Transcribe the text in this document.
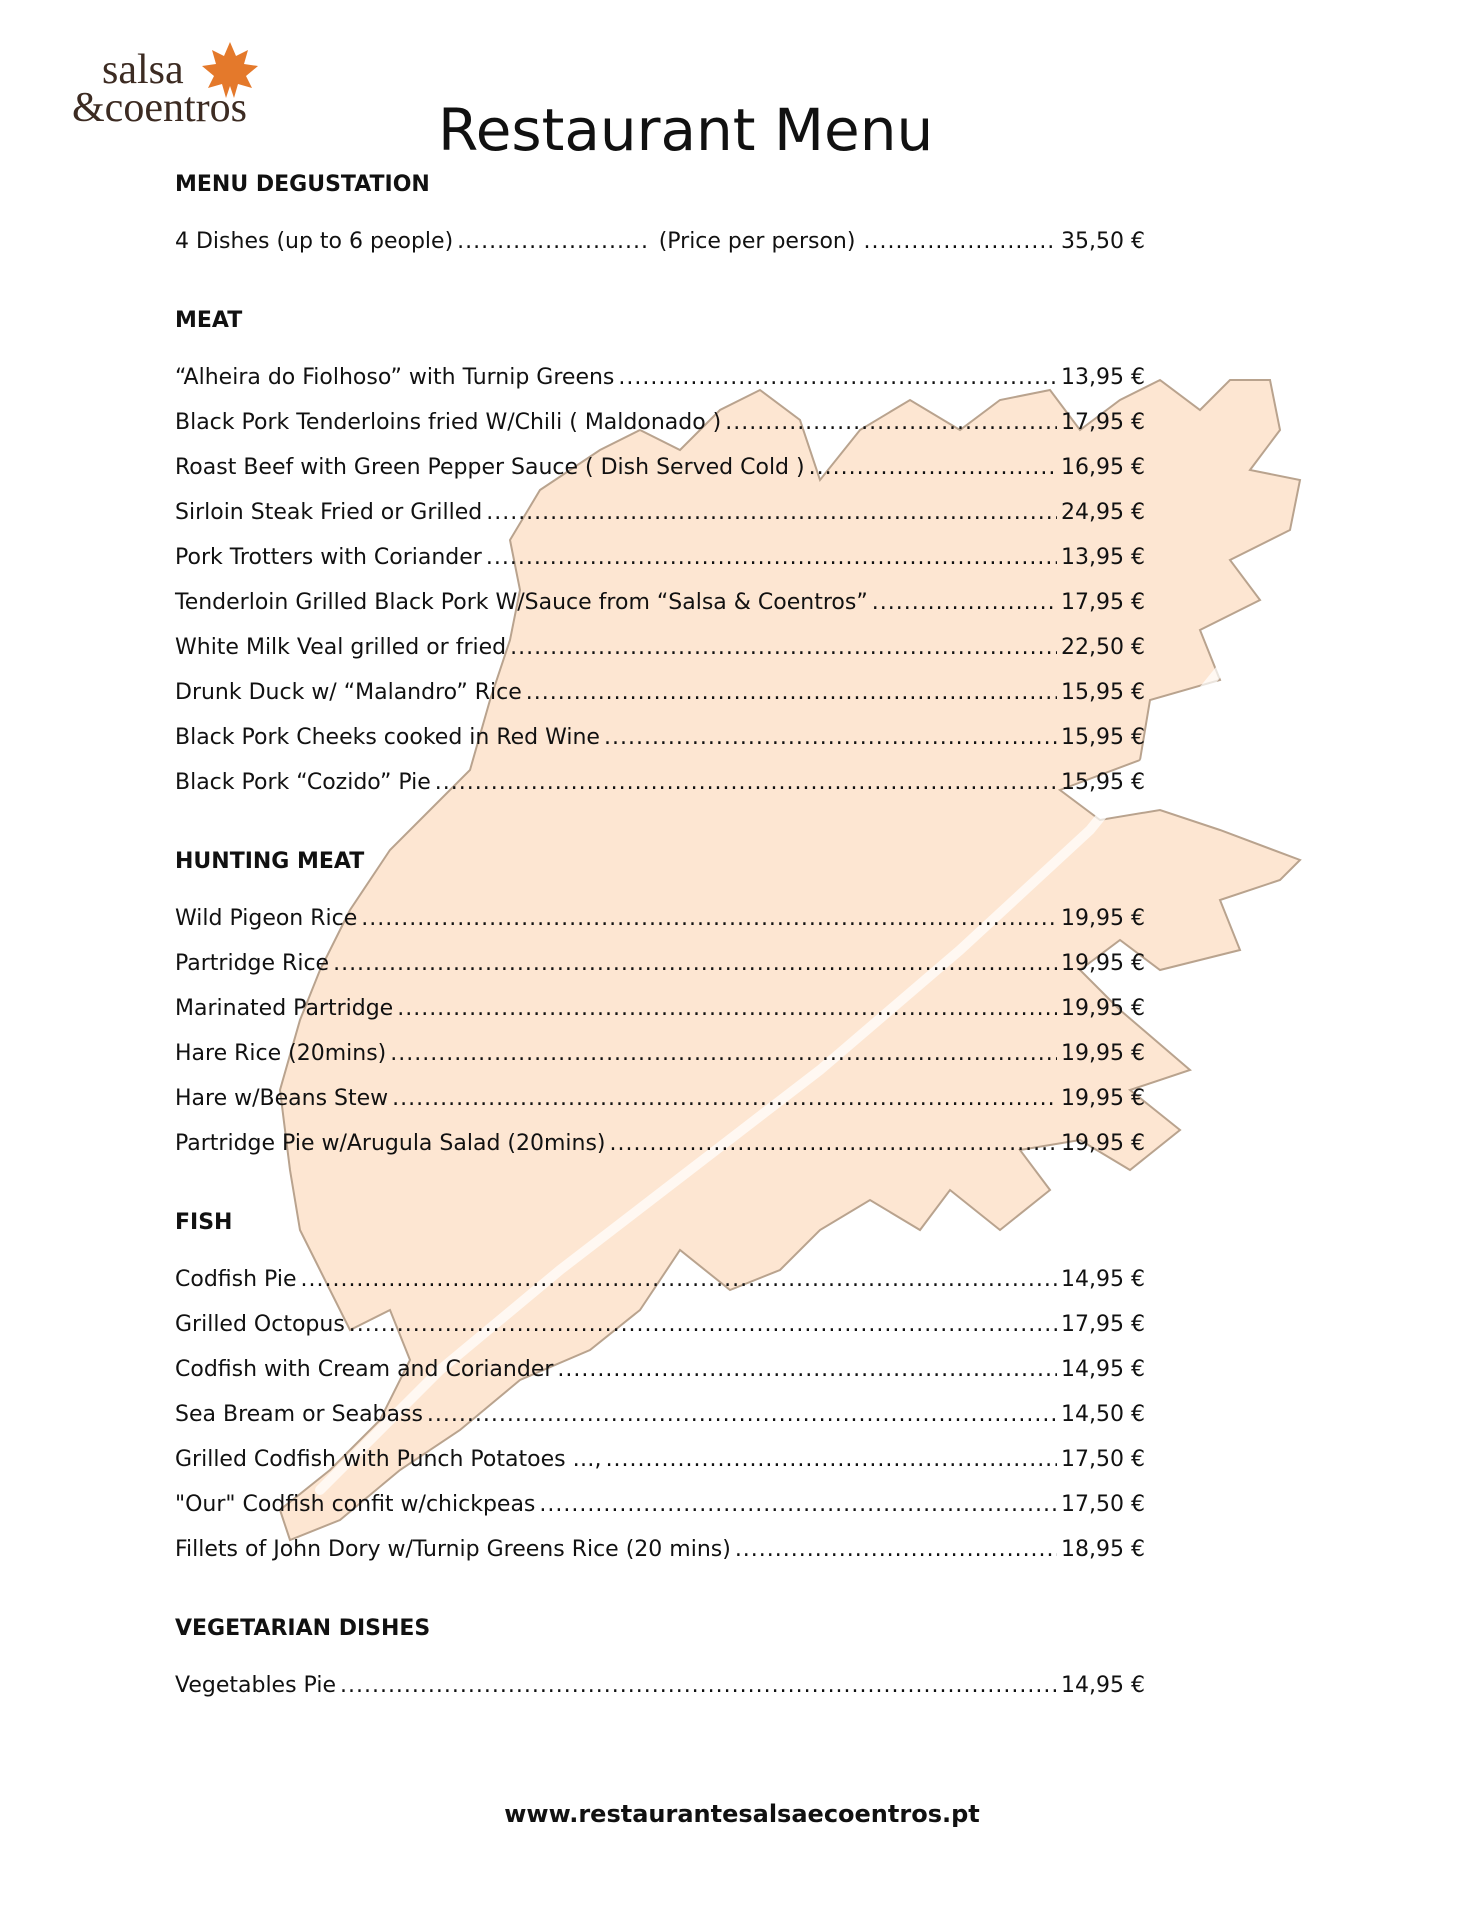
salsa
&coentros	Restaurant Menu
MENU DEGUSTATION
4 Dishes (up to 6 people) .....	(Price per person) .....	35,50 €
MEAT
“Alheira do Fiolhoso” with Turnip Greens .....	13,95 €
Black Pork Tenderloins fried W/Chili ( Maldonado ) .....	17,95 €
Roast Beef with Green Pepper Sauce ( Dish Served Cold ) .....	16,95 €
Sirloin Steak Fried or Grilled .....	24,95 €
Pork Trotters with Coriander .....	13,95 €
Tenderloin Grilled Black Pork W/Sauce from “Salsa & Coentros” .....	17,95 €
White Milk Veal grilled or fried .....	22,50 €
Drunk Duck w/ “Malandro” Rice .....	15,95 €
Black Pork Cheeks cooked in Red Wine .....	15,95 €
Black Pork “Cozido” Pie .....	15,95 €
HUNTING MEAT
Wild Pigeon Rice .....	19,95 €
Partridge Rice .....	19,95 €
Marinated Partridge .....	19,95 €
Hare Rice (20mins) .....	19,95 €
Hare w/Beans Stew .....	19,95 €
Partridge Pie w/Arugula Salad (20mins) .....	19,95 €
FISH
Codfish Pie .....	14,95 €
Grilled Octopus .....	17,95 €
Codfish with Cream and Coriander .....	14,95 €
Sea Bream or Seabass .....	14,50 €
Grilled Codfish with Punch Potatoes …, .....	17,50 €
"Our" Codfish confit w/chickpeas .....	17,50 €
Fillets of John Dory w/Turnip Greens Rice (20 mins) .....	18,95 €
VEGETARIAN DISHES
Vegetables Pie .....	14,95 €
www.restaurantesalsaecoentros.pt
